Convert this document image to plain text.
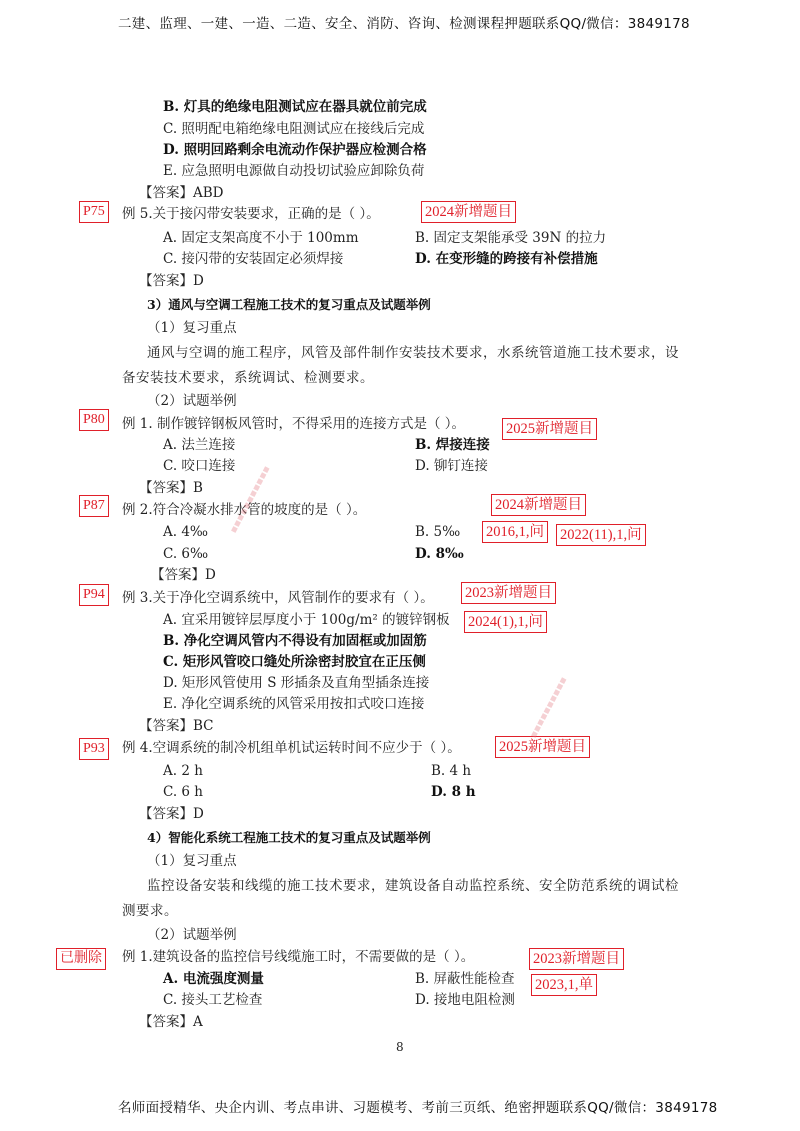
二建、监理、一建、一造、二造、安全、消防、咨询、检测课程押题联系QQ/微信：3849178
B. 灯具的绝缘电阻测试应在器具就位前完成
C. 照明配电箱绝缘电阻测试应在接线后完成
D. 照明回路剩余电流动作保护器应检测合格
E. 应急照明电源做自动投切试验应卸除负荷
【答案】ABD
P75 例 5.关于接闪带安装要求，正确的是（ ）。	2024新增题目
A. 固定支架高度不小于 100mm	B. 固定支架能承受 39N 的拉力
C. 接闪带的安装固定必须焊接	D. 在变形缝的跨接有补偿措施
【答案】D
3）通风与空调工程施工技术的复习重点及试题举例
（1）复习重点
通风与空调的施工程序，风管及部件制作安装技术要求，水系统管道施工技术要求，设
备安装技术要求，系统调试、检测要求。
（2）试题举例
P80 例 1. 制作镀锌钢板风管时，不得采用的连接方式是（ ）。	2025新增题目
A. 法兰连接	B. 焊接连接
C. 咬口连接	D. 铆钉连接
【答案】B
P87 例 2.符合冷凝水排水管的坡度的是（ ）。	2024新增题目
A. 4‰	B. 5‰ 2016,1,问 2022(11),1,问
C. 6‰	D. 8‰
【答案】D
P94 例 3.关于净化空调系统中，风管制作的要求有（ ）。 2023新增题目
A. 宜采用镀锌层厚度小于 100g/m² 的镀锌钢板 2024(1),1,问
B. 净化空调风管内不得设有加固框或加固筋
C. 矩形风管咬口缝处所涂密封胶宜在正压侧
D. 矩形风管使用 S 形插条及直角型插条连接
E. 净化空调系统的风管采用按扣式咬口连接
【答案】BC
P93 例 4.空调系统的制冷机组单机试运转时间不应少于（ ）。	2025新增题目
A. 2 h	B. 4 h
C. 6 h	D. 8 h
【答案】D
4）智能化系统工程施工技术的复习重点及试题举例
（1）复习重点
监控设备安装和线缆的施工技术要求，建筑设备自动监控系统、安全防范系统的调试检
测要求。
（2）试题举例
已删除 例 1.建筑设备的监控信号线缆施工时，不需要做的是（ ）。	2023新增题目
A. 电流强度测量	B. 屏蔽性能检查 2023,1,单
C. 接头工艺检查	D. 接地电阻检测
【答案】A
8
名师面授精华、央企内训、考点串讲、习题模考、考前三页纸、绝密押题联系QQ/微信：3849178
▪▪▪▪▪▪▪▪▪▪▪
▪▪▪▪▪▪▪▪▪▪
